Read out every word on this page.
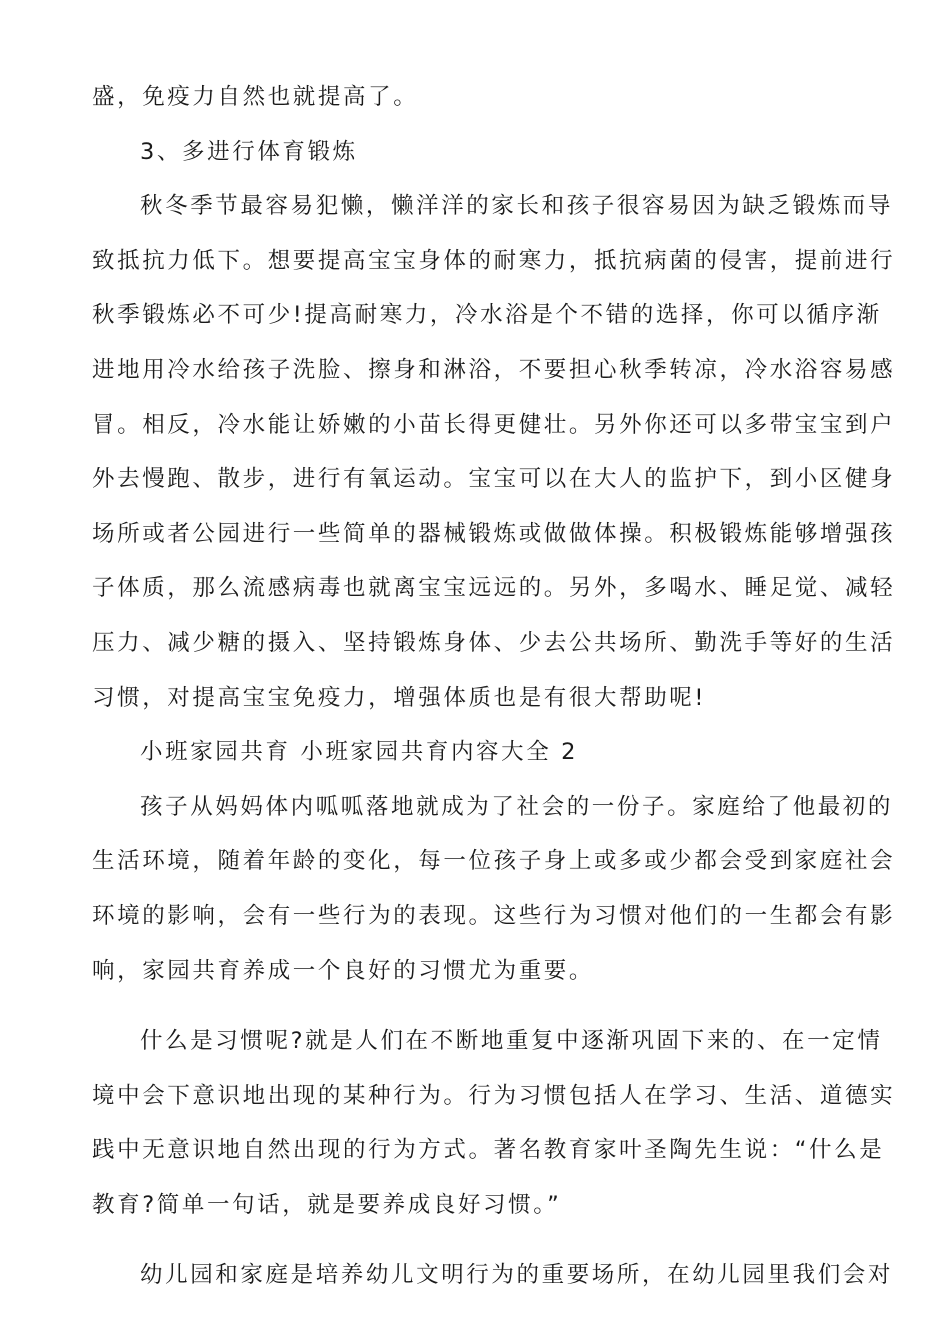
盛，免疫力自然也就提高了。

3、多进行体育锻炼

秋冬季节最容易犯懒，懒洋洋的家长和孩子很容易因为缺乏锻炼而导

致抵抗力低下。想要提高宝宝身体的耐寒力，抵抗病菌的侵害，提前进行

秋季锻炼必不可少!提高耐寒力，冷水浴是个不错的选择，你可以循序渐

进地用冷水给孩子洗脸、擦身和淋浴，不要担心秋季转凉，冷水浴容易感

冒。相反，冷水能让娇嫩的小苗长得更健壮。另外你还可以多带宝宝到户

外去慢跑、散步，进行有氧运动。宝宝可以在大人的监护下，到小区健身

场所或者公园进行一些简单的器械锻炼或做做体操。积极锻炼能够增强孩

子体质，那么流感病毒也就离宝宝远远的。另外，多喝水、睡足觉、减轻

压力、减少糖的摄入、坚持锻炼身体、少去公共场所、勤洗手等好的生活

习惯，对提高宝宝免疫力，增强体质也是有很大帮助呢!

小班家园共育 小班家园共育内容大全 2

孩子从妈妈体内呱呱落地就成为了社会的一份子。家庭给了他最初的

生活环境，随着年龄的变化，每一位孩子身上或多或少都会受到家庭社会

环境的影响，会有一些行为的表现。这些行为习惯对他们的一生都会有影

响，家园共育养成一个良好的习惯尤为重要。

什么是习惯呢?就是人们在不断地重复中逐渐巩固下来的、在一定情

境中会下意识地出现的某种行为。行为习惯包括人在学习、生活、道德实

践中无意识地自然出现的行为方式。著名教育家叶圣陶先生说：“什么是

教育?简单一句话，就是要养成良好习惯。”

幼儿园和家庭是培养幼儿文明行为的重要场所，在幼儿园里我们会对
